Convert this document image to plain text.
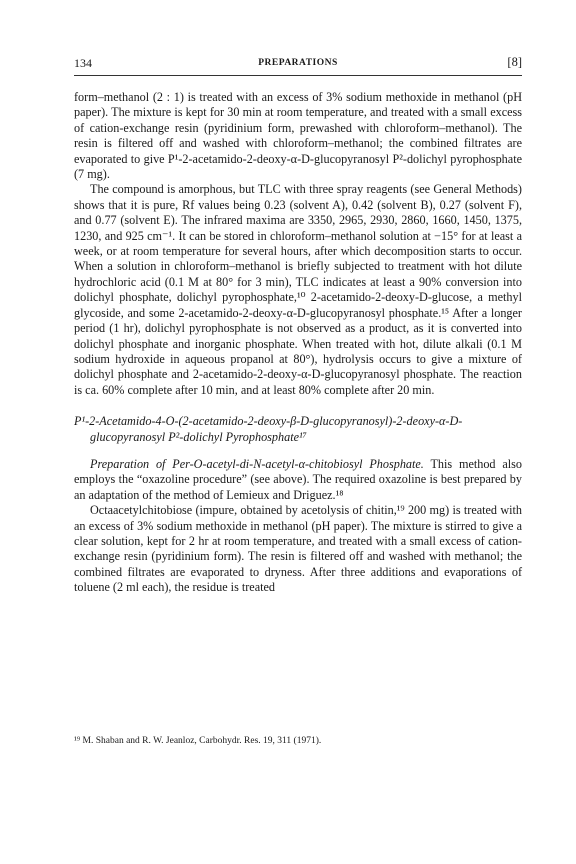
134	PREPARATIONS	[8]

form–methanol (2 : 1) is treated with an excess of 3% sodium methoxide in methanol (pH paper). The mixture is kept for 30 min at room temperature, and treated with a small excess of cation-exchange resin (pyridinium form, prewashed with chloroform–methanol). The resin is filtered off and washed with chloroform–methanol; the combined filtrates are evaporated to give P¹-2-acetamido-2-deoxy-α-D-glucopyranosyl P²-dolichyl pyrophosphate (7 mg).

The compound is amorphous, but TLC with three spray reagents (see General Methods) shows that it is pure, Rf values being 0.23 (solvent A), 0.42 (solvent B), 0.27 (solvent F), and 0.77 (solvent E). The infrared maxima are 3350, 2965, 2930, 2860, 1660, 1450, 1375, 1230, and 925 cm⁻¹. It can be stored in chloroform–methanol solution at −15° for at least a week, or at room temperature for several hours, after which decomposition starts to occur. When a solution in chloroform–methanol is briefly subjected to treatment with hot dilute hydrochloric acid (0.1 M at 80° for 3 min), TLC indicates at least a 90% conversion into dolichyl phosphate, dolichyl pyrophosphate,¹⁰ 2-acetamido-2-deoxy-D-glucose, a methyl glycoside, and some 2-acetamido-2-deoxy-α-D-glucopyranosyl phosphate.¹⁵ After a longer period (1 hr), dolichyl pyrophosphate is not observed as a product, as it is converted into dolichyl phosphate and inorganic phosphate. When treated with hot, dilute alkali (0.1 M sodium hydroxide in aqueous propanol at 80°), hydrolysis occurs to give a mixture of dolichyl phosphate and 2-acetamido-2-deoxy-α-D-glucopyranosyl phosphate. The reaction is ca. 60% complete after 10 min, and at least 80% complete after 20 min.

P¹-2-Acetamido-4-O-(2-acetamido-2-deoxy-β-D-glucopyranosyl)-2-deoxy-α-D-glucopyranosyl P²-dolichyl Pyrophosphate¹⁷

Preparation of Per-O-acetyl-di-N-acetyl-α-chitobiosyl Phosphate. This method also employs the “oxazoline procedure” (see above). The required oxazoline is best prepared by an adaptation of the method of Lemieux and Driguez.¹⁸

Octaacetylchitobiose (impure, obtained by acetolysis of chitin,¹⁹ 200 mg) is treated with an excess of 3% sodium methoxide in methanol (pH paper). The mixture is stirred to give a clear solution, kept for 2 hr at room temperature, and treated with a small excess of cation-exchange resin (pyridinium form). The resin is filtered off and washed with methanol; the combined filtrates are evaporated to dryness. After three additions and evaporations of toluene (2 ml each), the residue is treated

¹⁹ M. Shaban and R. W. Jeanloz, Carbohydr. Res. 19, 311 (1971).
